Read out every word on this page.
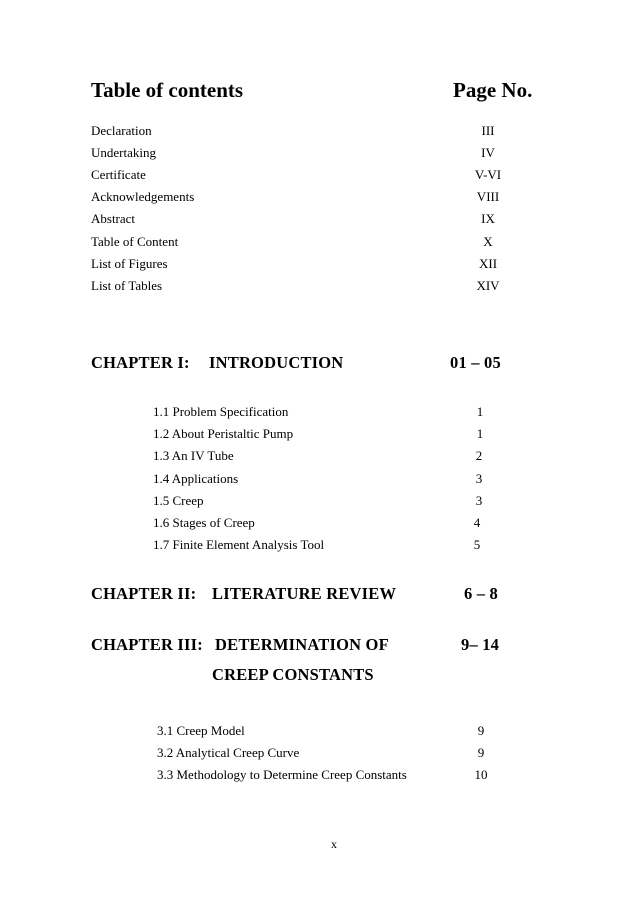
Table of contents	Page No.
Declaration	III
Undertaking	IV
Certificate	V-VI
Acknowledgements	VIII
Abstract	IX
Table of Content	X
List of Figures	XII
List of Tables	XIV
CHAPTER I: INTRODUCTION	01 – 05
1.1 Problem Specification	1
1.2 About Peristaltic Pump	1
1.3 An IV Tube	2
1.4 Applications	3
1.5 Creep	3
1.6 Stages of Creep	4
1.7 Finite Element Analysis Tool	5
CHAPTER II: LITERATURE REVIEW	6 – 8
CHAPTER III: DETERMINATION OF	9– 14
CREEP CONSTANTS
3.1 Creep Model	9
3.2 Analytical Creep Curve	9
3.3 Methodology to Determine Creep Constants	10
x
